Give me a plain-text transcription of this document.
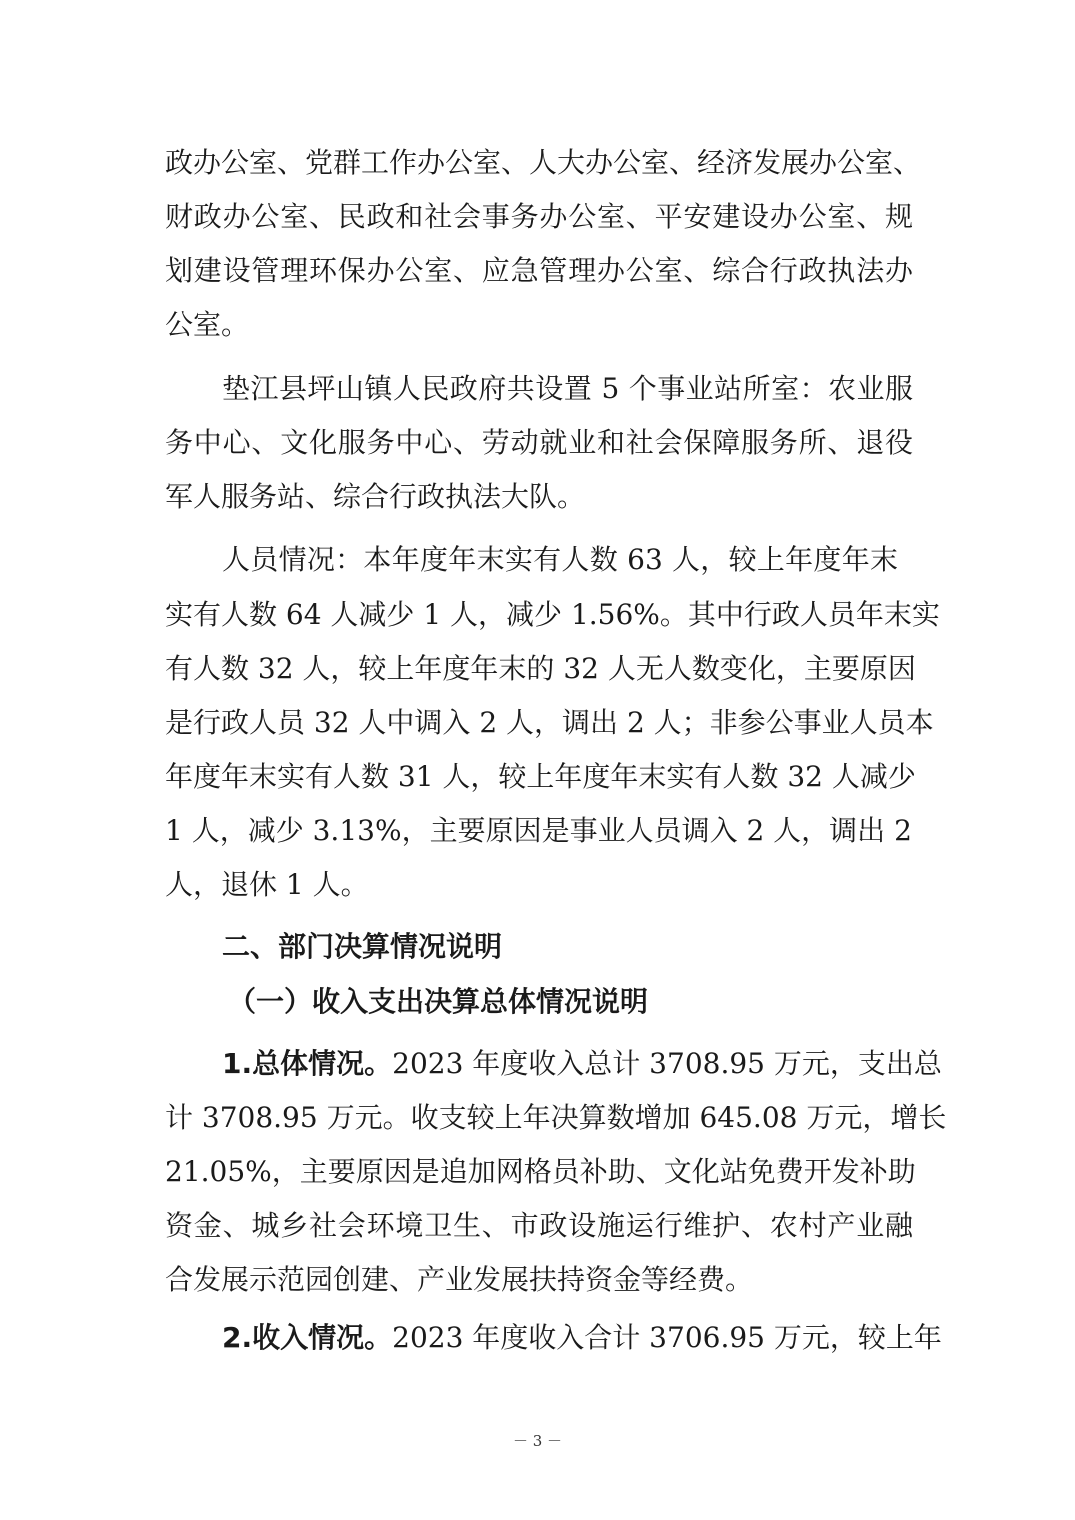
政办公室、党群工作办公室、人大办公室、经济发展办公室、

财政办公室、民政和社会事务办公室、平安建设办公室、规

划建设管理环保办公室、应急管理办公室、综合行政执法办

公室。

垫江县坪山镇人民政府共设置 5 个事业站所室：农业服

务中心、文化服务中心、劳动就业和社会保障服务所、退役

军人服务站、综合行政执法大队。

人员情况：本年度年末实有人数 63 人，较上年度年末

实有人数 64 人减少 1 人，减少 1.56%。其中行政人员年末实

有人数 32 人，较上年度年末的 32 人无人数变化，主要原因

是行政人员 32 人中调入 2 人，调出 2 人；非参公事业人员本

年度年末实有人数 31 人，较上年度年末实有人数 32 人减少

1 人，减少 3.13%，主要原因是事业人员调入 2 人，调出 2

人，退休 1 人。

二、部门决算情况说明
（一）收入支出决算总体情况说明
1.总体情况。 2023 年度收入总计 3708.95 万元，支出总

计 3708.95 万元。收支较上年决算数增加 645.08 万元，增长

21.05%，主要原因是追加网格员补助、文化站免费开发补助

资金、城乡社会环境卫生、市政设施运行维护、农村产业融

合发展示范园创建、产业发展扶持资金等经费。

2.收入情况。 2023 年度收入合计 3706.95 万元，较上年
－ 3 －
